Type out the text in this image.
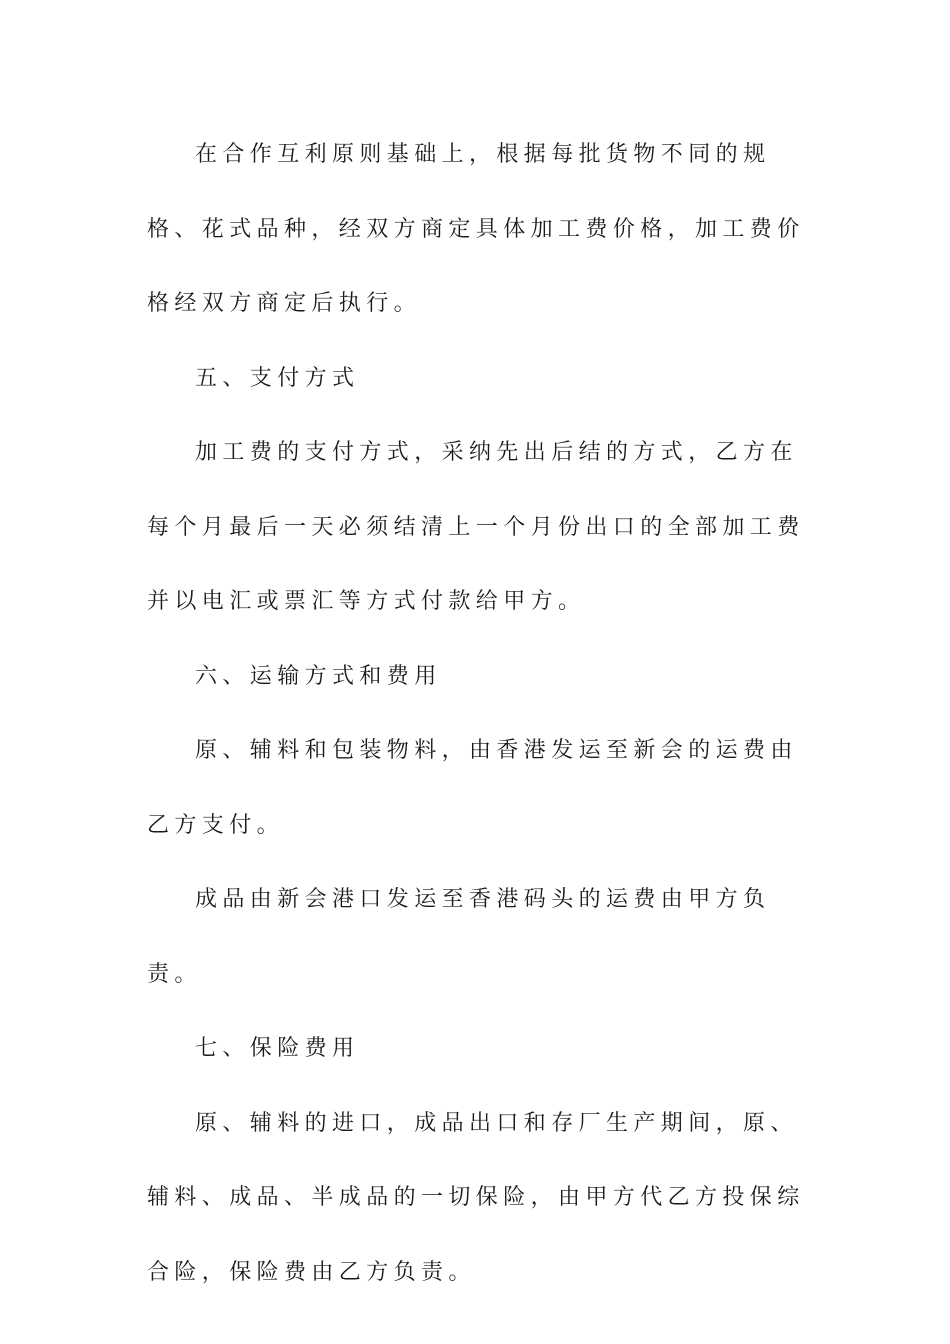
在合作互利原则基础上，根据每批货物不同的规格、花式品种，经双方商定具体加工费价格，加工费价格经双方商定后执行。

五、支付方式

加工费的支付方式，采纳先出后结的方式，乙方在每个月最后一天必须结清上一个月份出口的全部加工费并以电汇或票汇等方式付款给甲方。

六、运输方式和费用

原、辅料和包装物料，由香港发运至新会的运费由乙方支付。

成品由新会港口发运至香港码头的运费由甲方负责。

七、保险费用

原、辅料的进口，成品出口和存厂生产期间，原、辅料、成品、半成品的一切保险，由甲方代乙方投保综合险，保险费由乙方负责。
